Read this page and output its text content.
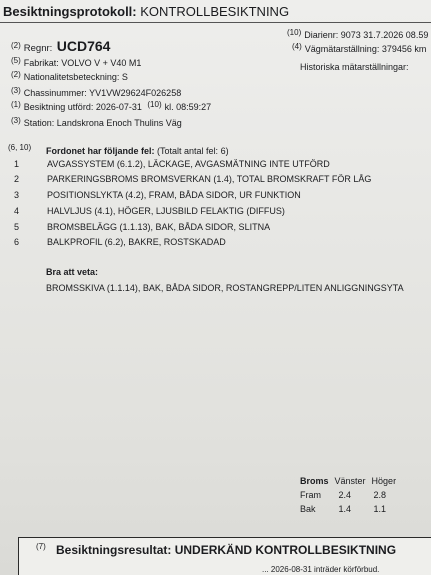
Besiktningsprotokoll: KONTROLLBESIKTNING
(10) Diarienr: 9073 31.7.2026 08.59
(4) Vägmätarställning: 379456 km
Historiska mätarställningar:
(2) Regnr: UCD764
(5) Fabrikat: VOLVO V + V40 M1
(2) Nationalitetsbeteckning: S
(3) Chassinummer: YV1VW29624F026258
(1) Besiktning utförd: 2026-07-31 (10) kl. 08:59:27
(3) Station: Landskrona Enoch Thulins Väg
(6, 10) Fordonet har följande fel: (Totalt antal fel: 6)
1	AVGASSYSTEM (6.1.2), LÄCKAGE, AVGASMÄTNING INTE UTFÖRD
2	PARKERINGSBROMS BROMSVERKAN (1.4), TOTAL BROMSKRAFT FÖR LÅG
3	POSITIONSLYKTA (4.2), FRAM, BÅDA SIDOR, UR FUNKTION
4	HALVLJUS (4.1), HÖGER, LJUSBILD FELAKTIG (DIFFUS)
5	BROMSBELÄGG (1.1.13), BAK, BÅDA SIDOR, SLITNA
6	BALKPROFIL (6.2), BAKRE, ROSTSKADAD
Bra att veta:
BROMSSKIVA (1.1.14), BAK, BÅDA SIDOR, ROSTANGREPP/LITEN ANLIGGNINGSYTA
Broms	Vänster	Höger
Fram	2.4	2.8
Bak	1.4	1.1
(7) Besiktningsresultat: UNDERKÄND KONTROLLBESIKTNING
... 2026-08-31 inträder körförbud.
